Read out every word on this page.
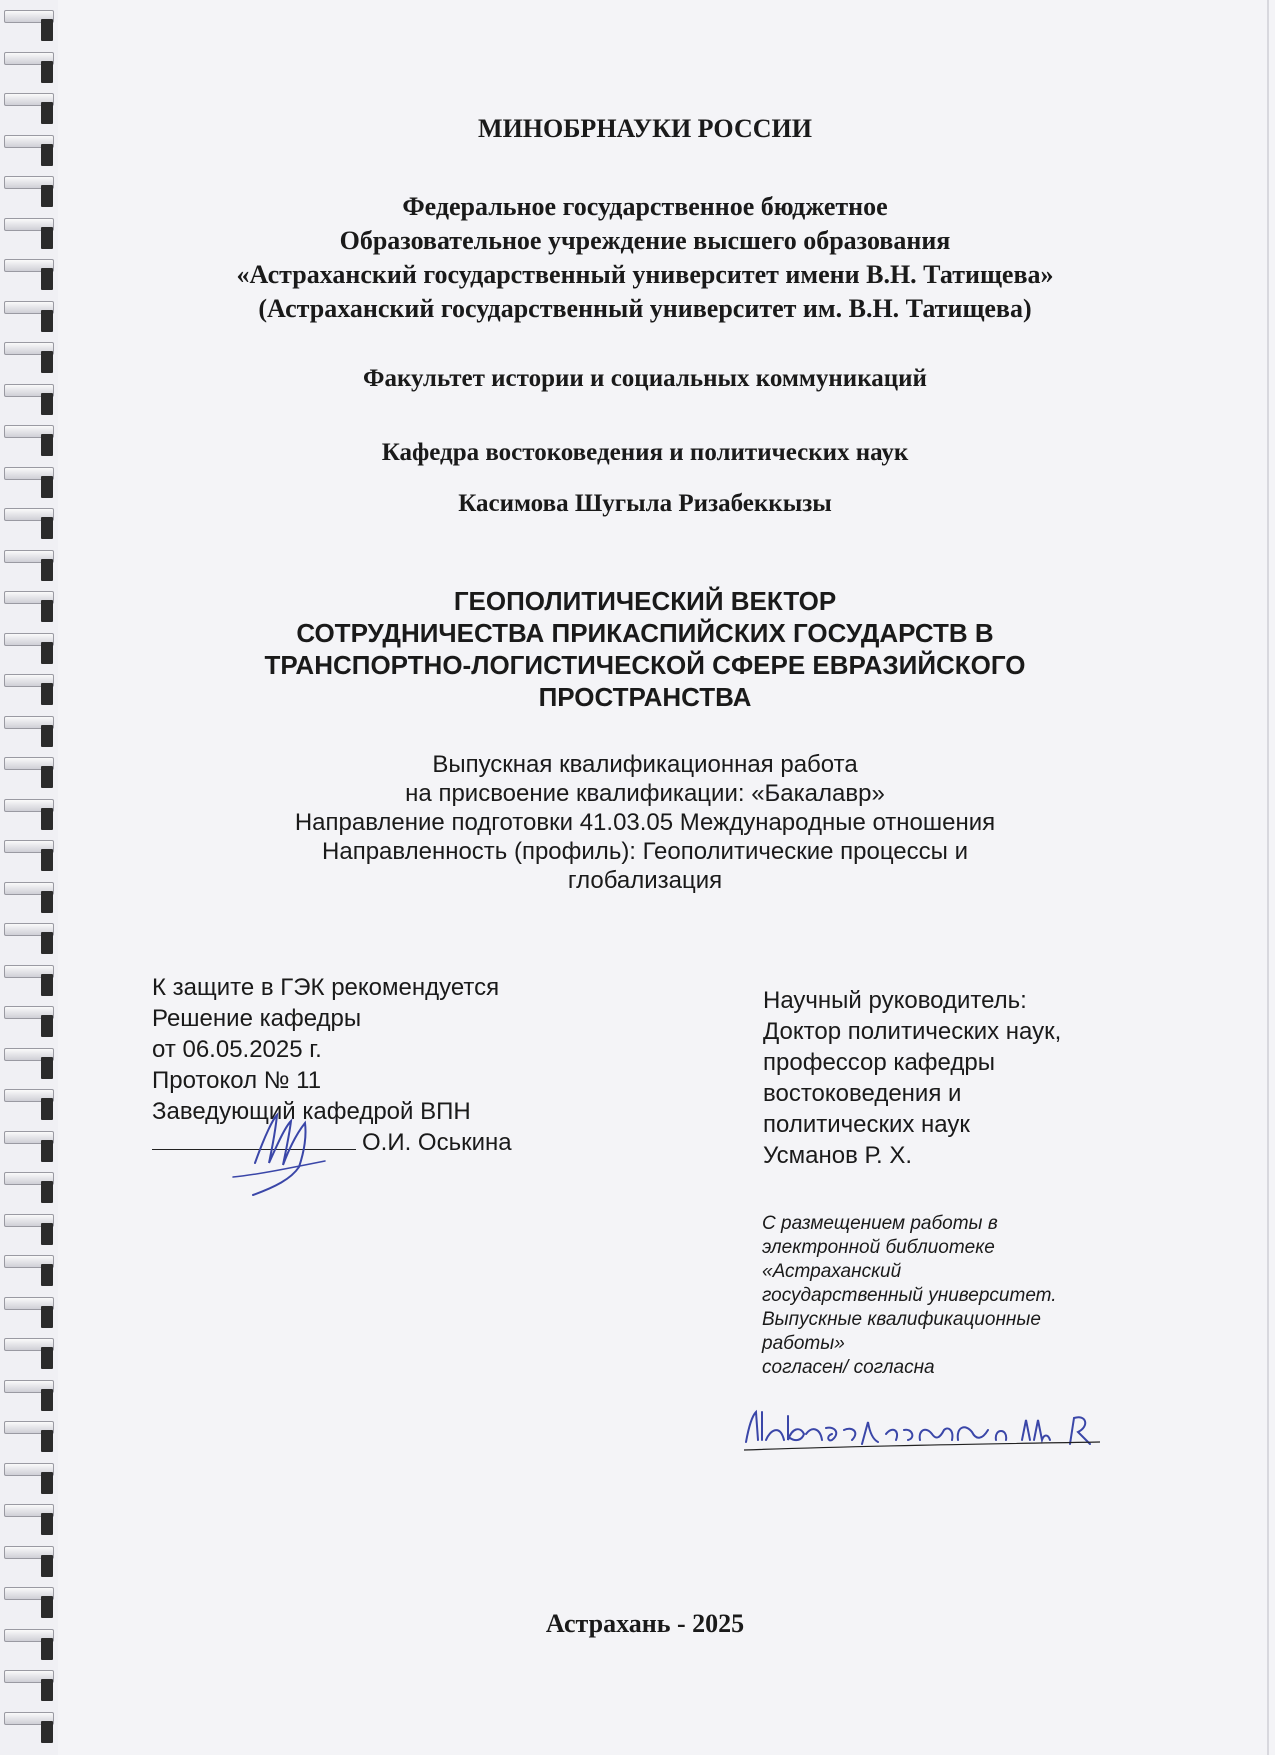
МИНОБРНАУКИ РОССИИ
Федеральное государственное бюджетное
Образовательное учреждение высшего образования
«Астраханский государственный университет имени В.Н. Татищева»
(Астраханский государственный университет им. В.Н. Татищева)
Факультет истории и социальных коммуникаций
Кафедра востоковедения и политических наук
Касимова Шугыла Ризабеккызы
ГЕОПОЛИТИЧЕСКИЙ ВЕКТОР
СОТРУДНИЧЕСТВА ПРИКАСПИЙСКИХ ГОСУДАРСТВ В
ТРАНСПОРТНО-ЛОГИСТИЧЕСКОЙ СФЕРЕ ЕВРАЗИЙСКОГО
ПРОСТРАНСТВА
Выпускная квалификационная работа
на присвоение квалификации: «Бакалавр»
Направление подготовки 41.03.05 Международные отношения
Направленность (профиль): Геополитические процессы и
глобализация
К защите в ГЭК рекомендуется
Решение кафедры
от 06.05.2025 г.
Протокол № 11
Заведующий кафедрой ВПН
О.И. Оськина
Научный руководитель:
Доктор политических наук,
профессор кафедры
востоковедения и
политических наук
Усманов Р. Х.
С размещением работы в
электронной библиотеке
«Астраханский
государственный университет.
Выпускные квалификационные
работы»
согласен/ согласна
Астрахань - 2025
